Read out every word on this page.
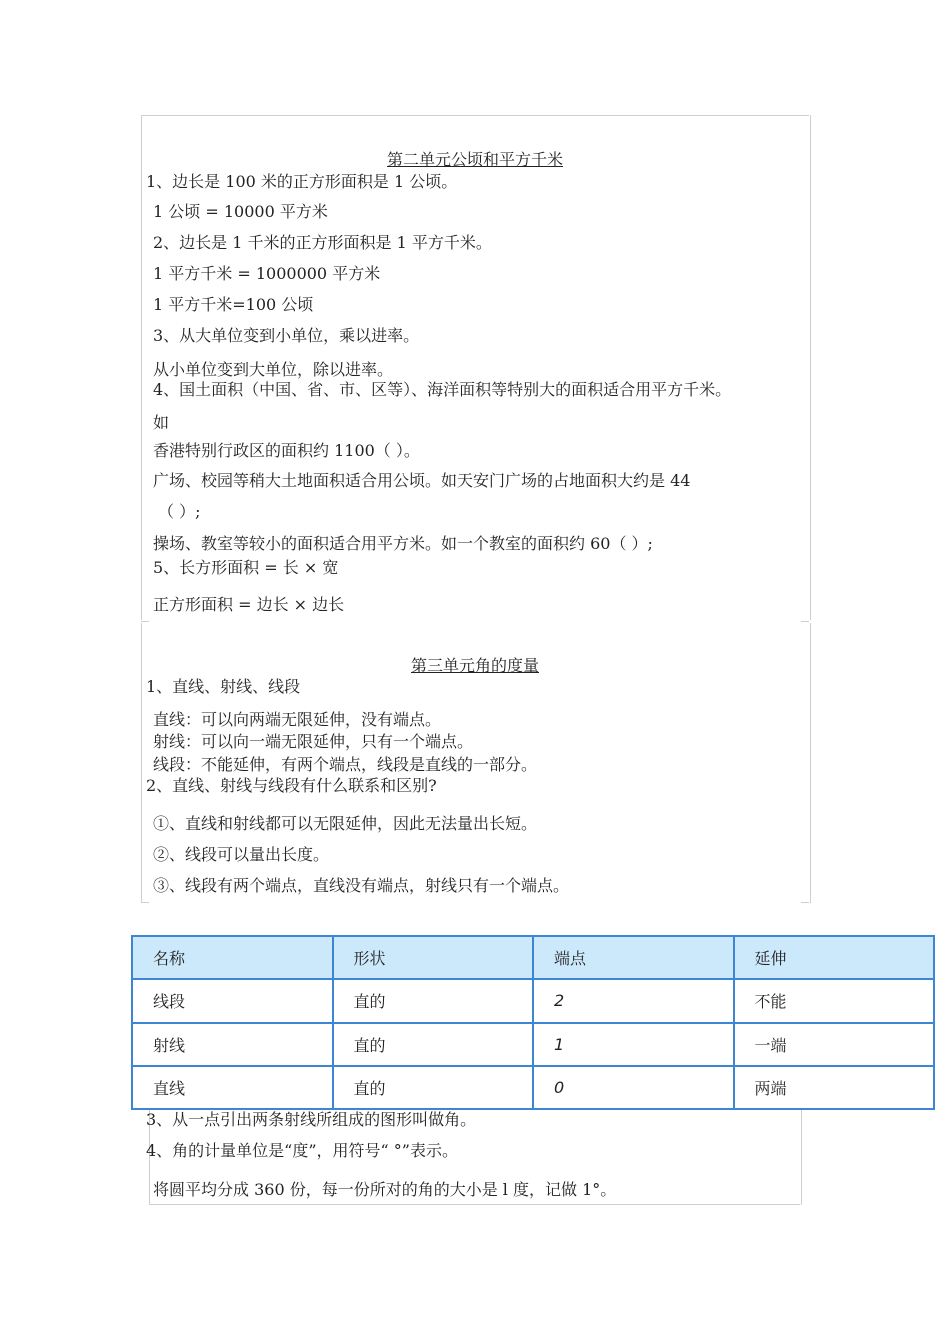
第二单元公顷和平方千米
1、边长是 100 米的正方形面积是 1 公顷。
1 公顷 = 10000 平方米
2、边长是 1 千米的正方形面积是 1 平方千米。
1 平方千米 = 1000000 平方米
1 平方千米=100 公顷
3、从大单位变到小单位，乘以进率。
从小单位变到大单位，除以进率。
4、国土面积（中国、省、市、区等）、海洋面积等特别大的面积适合用平方千米。
如
香港特别行政区的面积约 1100（ ）。
广场、校园等稍大土地面积适合用公顷。如天安门广场的占地面积大约是 44
（ ）;
操场、教室等较小的面积适合用平方米。如一个教室的面积约 60（ ）;
5、长方形面积 = 长 × 宽
正方形面积 = 边长 × 边长
第三单元角的度量
1、直线、射线、线段
直线：可以向两端无限延伸，没有端点。
射线：可以向一端无限延伸，只有一个端点。
线段：不能延伸，有两个端点，线段是直线的一部分。
2、直线、射线与线段有什么联系和区别?
①、直线和射线都可以无限延伸，因此无法量出长短。
②、线段可以量出长度。
③、线段有两个端点，直线没有端点，射线只有一个端点。
名称	形状	端点	延伸
线段	直的	2	不能
射线	直的	1	一端
直线	直的	0	两端
3、从一点引出两条射线所组成的图形叫做角。
4、角的计量单位是“度”，用符号“ °”表示。
将圆平均分成 360 份，每一份所对的角的大小是 l 度，记做 1°。
